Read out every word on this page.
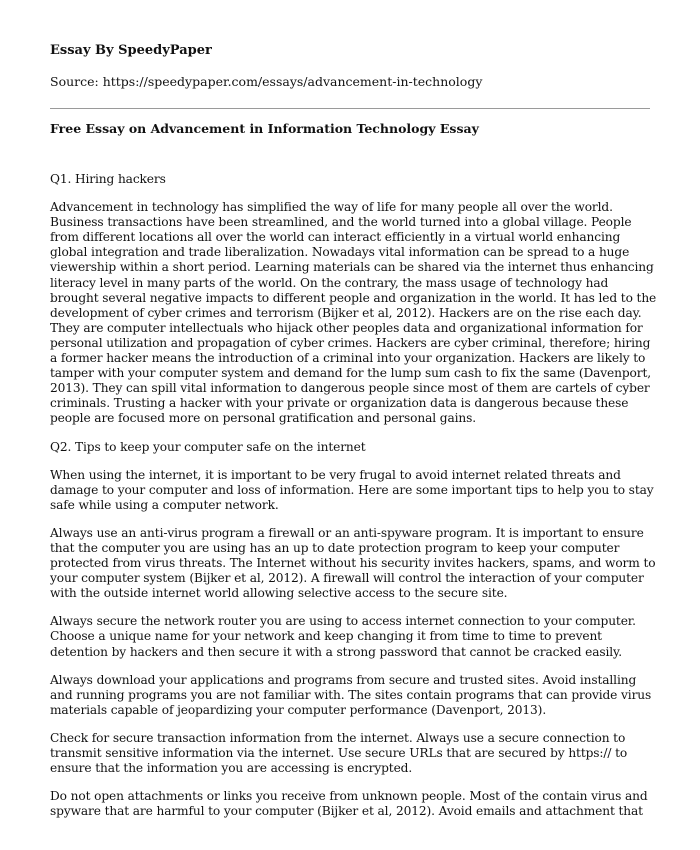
Essay By SpeedyPaper

Source: https://speedypaper.com/essays/advancement-in-technology

Free Essay on Advancement in Information Technology Essay

Q1. Hiring hackers

Advancement in technology has simplified the way of life for many people all over the world. Business transactions have been streamlined, and the world turned into a global village. People from different locations all over the world can interact efficiently in a virtual world enhancing global integration and trade liberalization. Nowadays vital information can be spread to a huge viewership within a short period. Learning materials can be shared via the internet thus enhancing literacy level in many parts of the world. On the contrary, the mass usage of technology had brought several negative impacts to different people and organization in the world. It has led to the development of cyber crimes and terrorism (Bijker et al, 2012). Hackers are on the rise each day. They are computer intellectuals who hijack other peoples data and organizational information for personal utilization and propagation of cyber crimes. Hackers are cyber criminal, therefore; hiring a former hacker means the introduction of a criminal into your organization. Hackers are likely to tamper with your computer system and demand for the lump sum cash to fix the same (Davenport, 2013). They can spill vital information to dangerous people since most of them are cartels of cyber criminals. Trusting a hacker with your private or organization data is dangerous because these people are focused more on personal gratification and personal gains.

Q2. Tips to keep your computer safe on the internet

When using the internet, it is important to be very frugal to avoid internet related threats and damage to your computer and loss of information. Here are some important tips to help you to stay safe while using a computer network.

Always use an anti-virus program a firewall or an anti-spyware program. It is important to ensure that the computer you are using has an up to date protection program to keep your computer protected from virus threats. The Internet without his security invites hackers, spams, and worm to your computer system (Bijker et al, 2012). A firewall will control the interaction of your computer with the outside internet world allowing selective access to the secure site.

Always secure the network router you are using to access internet connection to your computer. Choose a unique name for your network and keep changing it from time to time to prevent detention by hackers and then secure it with a strong password that cannot be cracked easily.

Always download your applications and programs from secure and trusted sites. Avoid installing and running programs you are not familiar with. The sites contain programs that can provide virus materials capable of jeopardizing your computer performance (Davenport, 2013).

Check for secure transaction information from the internet. Always use a secure connection to transmit sensitive information via the internet. Use secure URLs that are secured by https:// to ensure that the information you are accessing is encrypted.

Do not open attachments or links you receive from unknown people. Most of the contain virus and spyware that are harmful to your computer (Bijker et al, 2012). Avoid emails and attachment that
